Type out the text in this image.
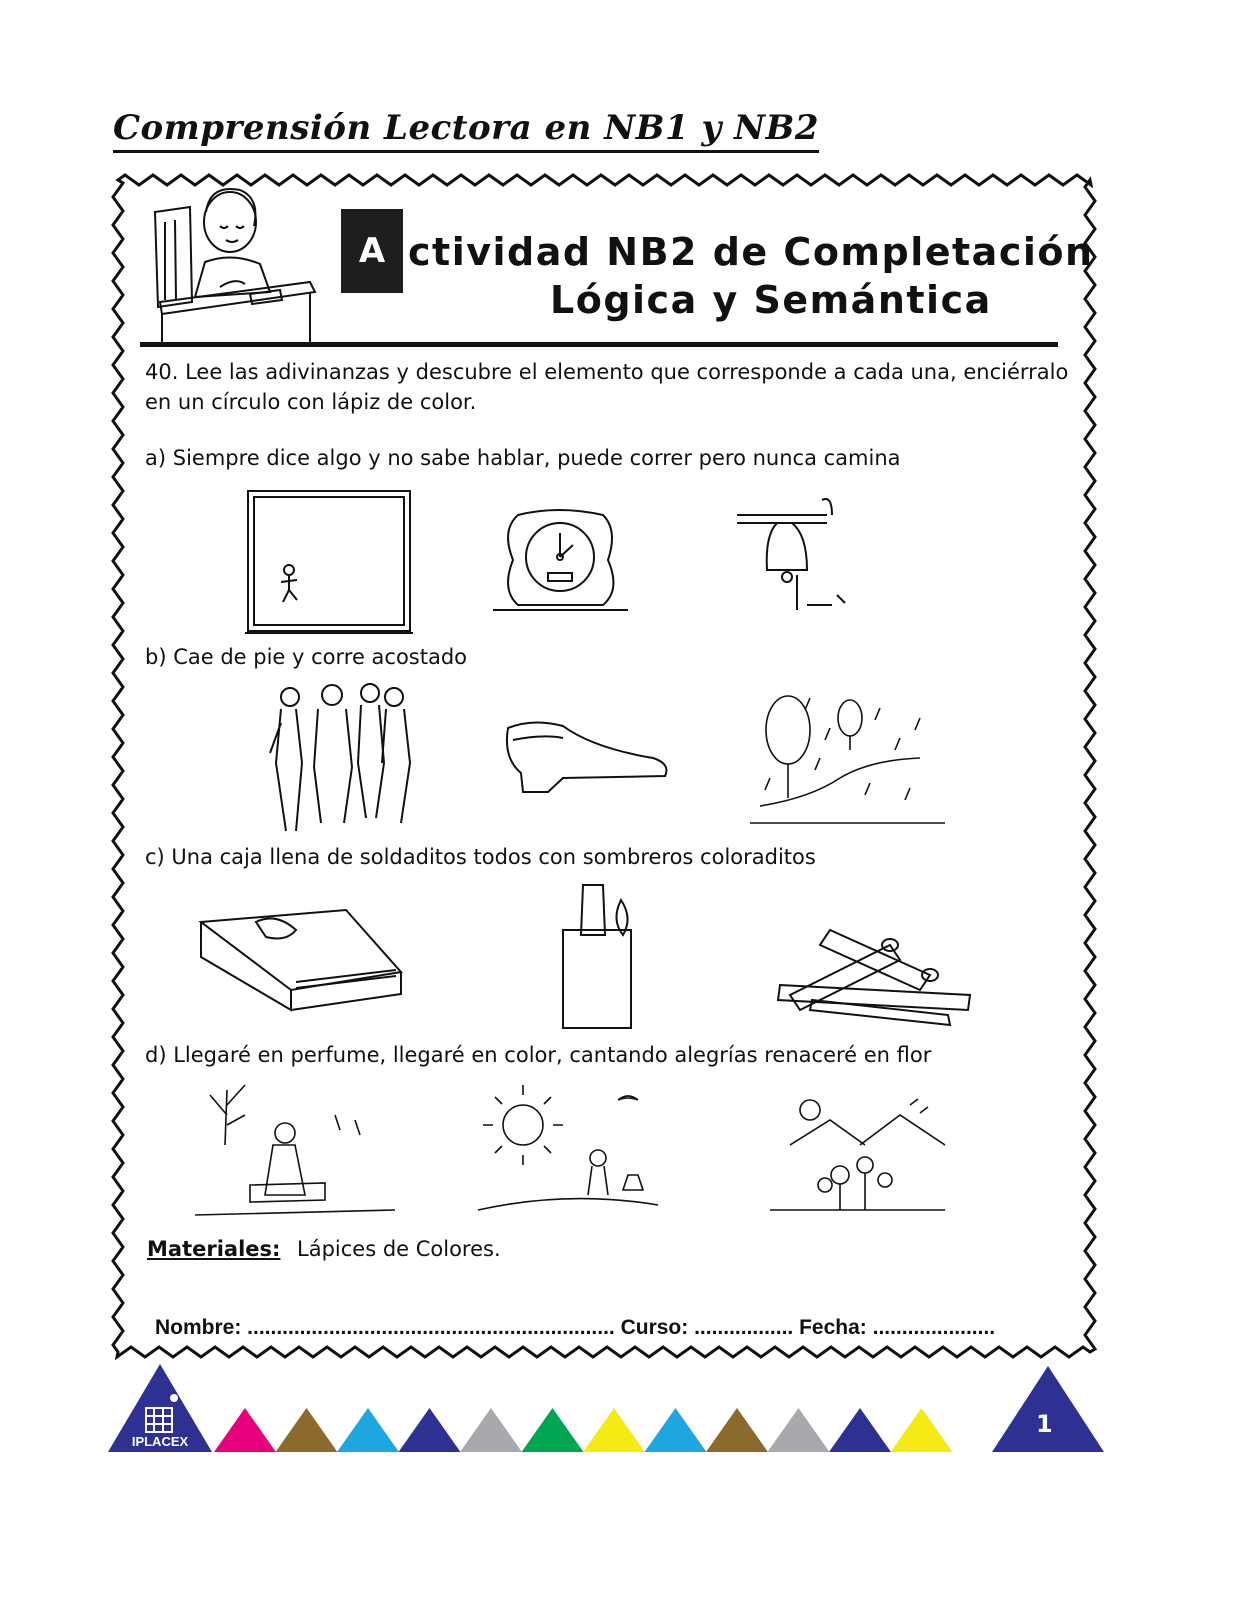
Comprensión Lectora en NB1 y NB2
A ctividad NB2 de Completación
Lógica y Semántica
40. Lee las adivinanzas y descubre el elemento que corresponde a cada una, enciérralo
en un círculo con lápiz de color.
a) Siempre dice algo y no sabe hablar, puede correr pero nunca camina
b) Cae de pie y corre acostado
c) Una caja llena de soldaditos todos con sombreros coloraditos
d) Llegaré en perfume, llegaré en color, cantando alegrías renaceré en flor
Materiales: Lápices de Colores.
Nombre: ............................................................... Curso: ................. Fecha: .....................
IPLACEX
1
